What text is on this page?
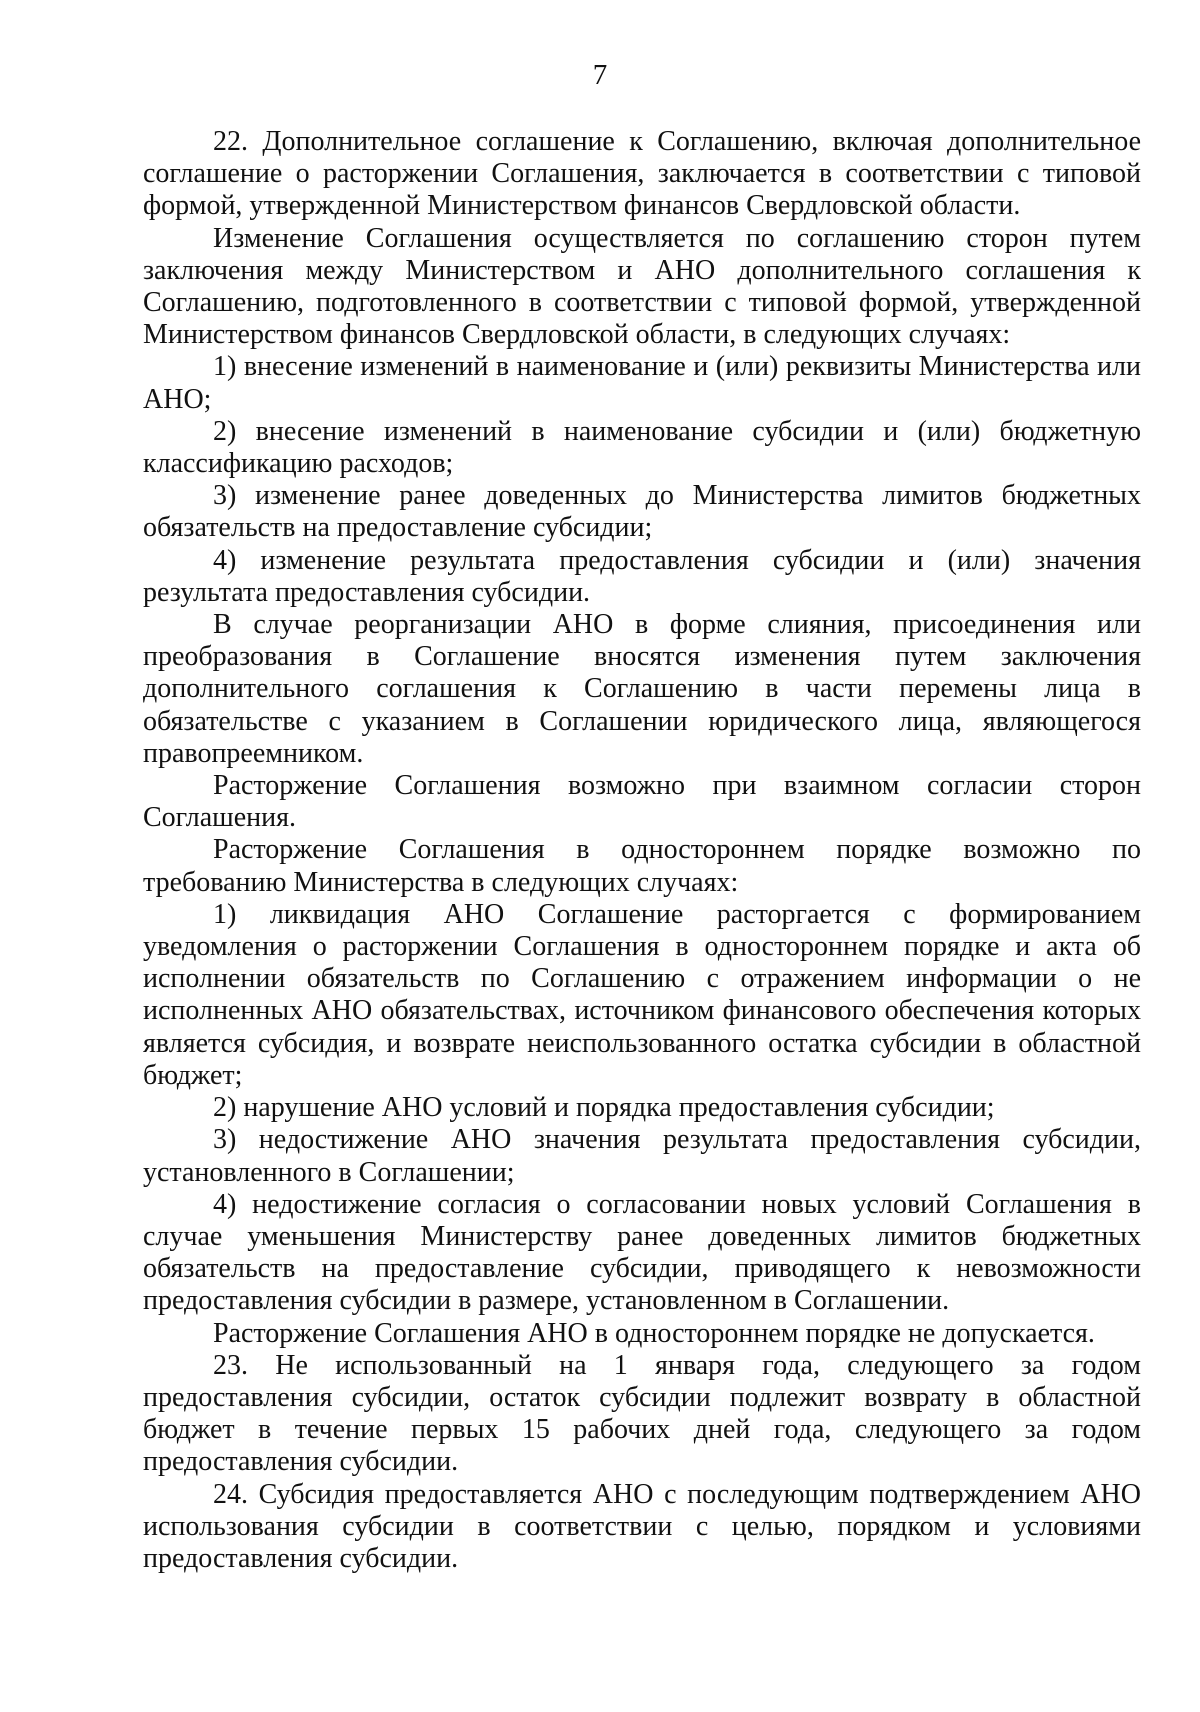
7

22. Дополнительное соглашение к Соглашению, включая дополнительное соглашение о расторжении Соглашения, заключается в соответствии с типовой формой, утвержденной Министерством финансов Свердловской области.

Изменение Соглашения осуществляется по соглашению сторон путем заключения между Министерством и АНО дополнительного соглашения к Соглашению, подготовленного в соответствии с типовой формой, утвержденной Министерством финансов Свердловской области, в следующих случаях:

1) внесение изменений в наименование и (или) реквизиты Министерства или АНО;

2) внесение изменений в наименование субсидии и (или) бюджетную классификацию расходов;

3) изменение ранее доведенных до Министерства лимитов бюджетных обязательств на предоставление субсидии;

4) изменение результата предоставления субсидии и (или) значения результата предоставления субсидии.

В случае реорганизации АНО в форме слияния, присоединения или преобразования в Соглашение вносятся изменения путем заключения дополнительного соглашения к Соглашению в части перемены лица в обязательстве с указанием в Соглашении юридического лица, являющегося правопреемником.

Расторжение Соглашения возможно при взаимном согласии сторон Соглашения.

Расторжение Соглашения в одностороннем порядке возможно по требованию Министерства в следующих случаях:

1) ликвидация АНО Соглашение расторгается с формированием уведомления о расторжении Соглашения в одностороннем порядке и акта об исполнении обязательств по Соглашению с отражением информации о не исполненных АНО обязательствах, источником финансового обеспечения которых является субсидия, и возврате неиспользованного остатка субсидии в областной бюджет;

2) нарушение АНО условий и порядка предоставления субсидии;

3) недостижение АНО значения результата предоставления субсидии, установленного в Соглашении;

4) недостижение согласия о согласовании новых условий Соглашения в случае уменьшения Министерству ранее доведенных лимитов бюджетных обязательств на предоставление субсидии, приводящего к невозможности предоставления субсидии в размере, установленном в Соглашении.

Расторжение Соглашения АНО в одностороннем порядке не допускается.

23. Не использованный на 1 января года, следующего за годом предоставления субсидии, остаток субсидии подлежит возврату в областной бюджет в течение первых 15 рабочих дней года, следующего за годом предоставления субсидии.

24. Субсидия предоставляется АНО с последующим подтверждением АНО использования субсидии в соответствии с целью, порядком и условиями предоставления субсидии.
